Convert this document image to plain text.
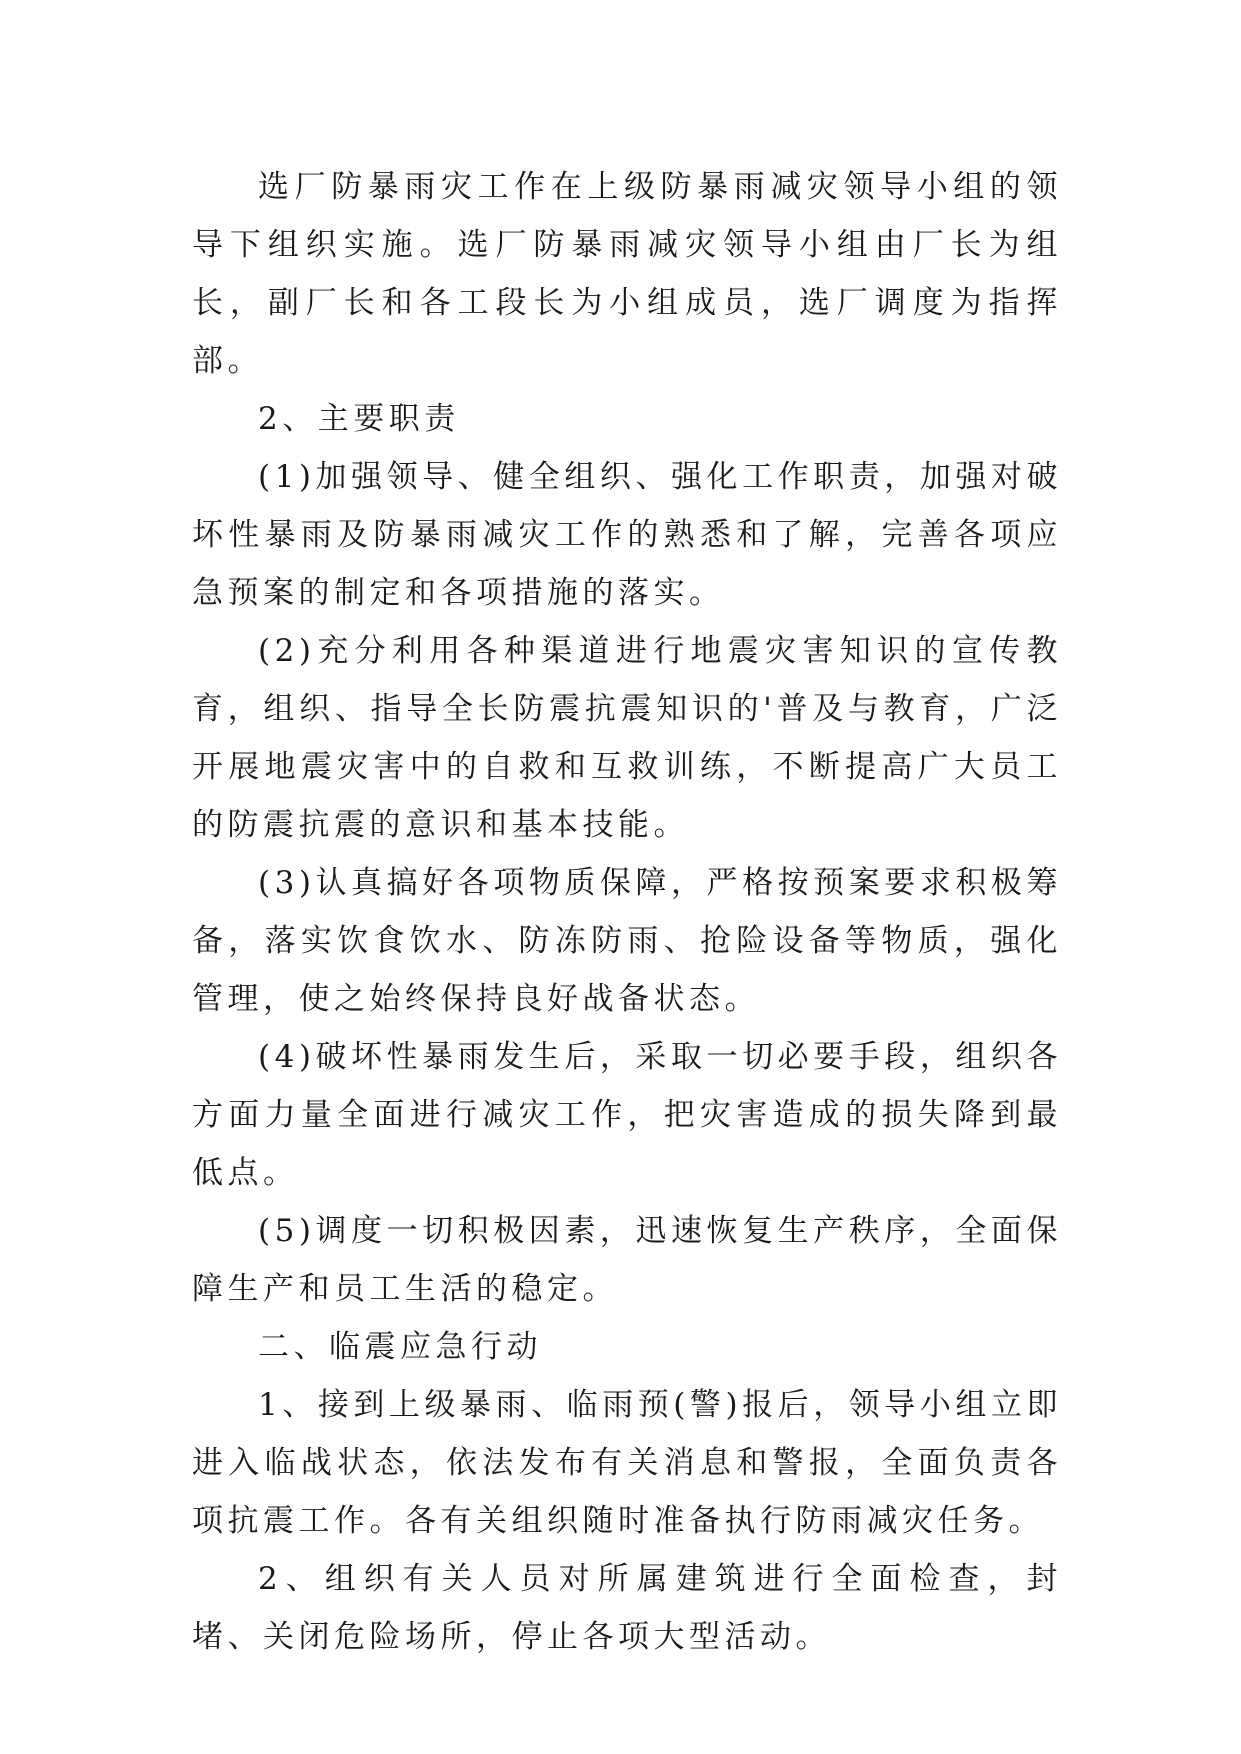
选厂防暴雨灾工作在上级防暴雨减灾领导小组的领导下组织实施。选厂防暴雨减灾领导小组由厂长为组长，副厂长和各工段长为小组成员，选厂调度为指挥部。

2、主要职责

(1)加强领导、健全组织、强化工作职责，加强对破坏性暴雨及防暴雨减灾工作的熟悉和了解，完善各项应急预案的制定和各项措施的落实。

(2)充分利用各种渠道进行地震灾害知识的宣传教育，组织、指导全长防震抗震知识的'普及与教育，广泛开展地震灾害中的自救和互救训练，不断提高广大员工的防震抗震的意识和基本技能。

(3)认真搞好各项物质保障，严格按预案要求积极筹备，落实饮食饮水、防冻防雨、抢险设备等物质，强化管理，使之始终保持良好战备状态。

(4)破坏性暴雨发生后，采取一切必要手段，组织各方面力量全面进行减灾工作，把灾害造成的损失降到最低点。

(5)调度一切积极因素，迅速恢复生产秩序，全面保障生产和员工生活的稳定。

二、临震应急行动

1、接到上级暴雨、临雨预(警)报后，领导小组立即进入临战状态，依法发布有关消息和警报，全面负责各项抗震工作。各有关组织随时准备执行防雨减灾任务。

2、组织有关人员对所属建筑进行全面检查，封堵、关闭危险场所，停止各项大型活动。
